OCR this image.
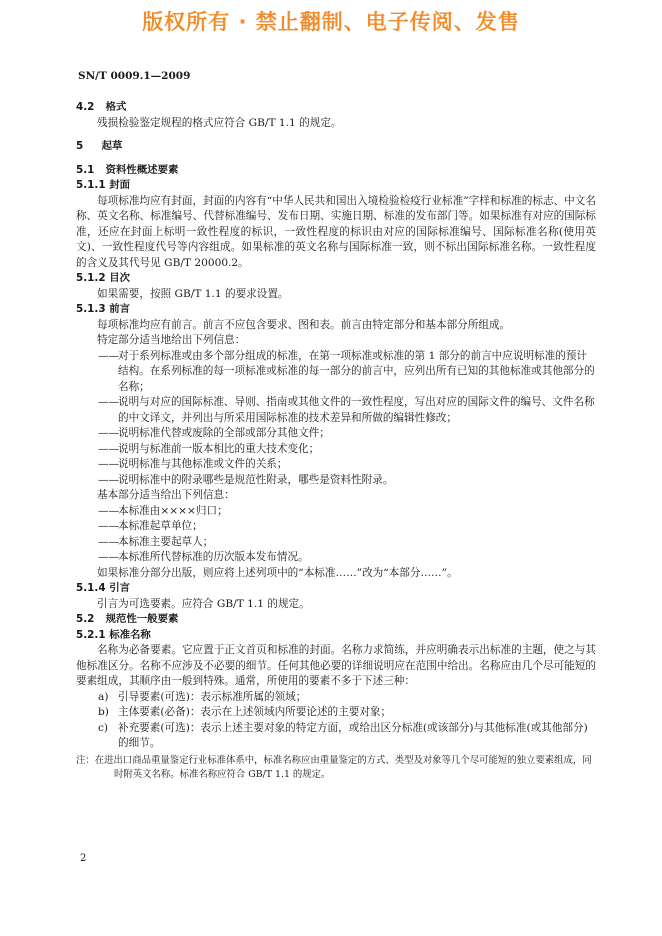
版权所有 · 禁止翻制、电子传阅、发售
SN/T 0009.1—2009
4.2 格式
残损检验鉴定规程的格式应符合 GB/T 1.1 的规定。
5 起草
5.1 资料性概述要素
5.1.1 封面
每项标准均应有封面，封面的内容有“中华人民共和国出入境检验检疫行业标准”字样和标准的标志、中文名称、英文名称、标准编号、代替标准编号、发布日期、实施日期、标准的发布部门等。如果标准有对应的国际标准，还应在封面上标明一致性程度的标识，一致性程度的标识由对应的国际标准编号、国际标准名称(使用英文)、一致性程度代号等内容组成。如果标准的英文名称与国际标准一致，则不标出国际标准名称。一致性程度的含义及其代号见 GB/T 20000.2。
5.1.2 目次
如果需要，按照 GB/T 1.1 的要求设置。
5.1.3 前言
每项标准均应有前言。前言不应包含要求、图和表。前言由特定部分和基本部分所组成。
特定部分适当地给出下列信息：
——对于系列标准或由多个部分组成的标准，在第一项标准或标准的第 1 部分的前言中应说明标准的预计结构。在系列标准的每一项标准或标准的每一部分的前言中，应列出所有已知的其他标准或其他部分的名称；
——说明与对应的国际标准、导则、指南或其他文件的一致性程度，写出对应的国际文件的编号、文件名称的中文译文，并列出与所采用国际标准的技术差异和所做的编辑性修改；
——说明标准代替或废除的全部或部分其他文件；
——说明与标准前一版本相比的重大技术变化；
——说明标准与其他标准或文件的关系；
——说明标准中的附录哪些是规范性附录，哪些是资料性附录。
基本部分适当给出下列信息：
——本标准由××××归口；
——本标准起草单位；
——本标准主要起草人；
——本标准所代替标准的历次版本发布情况。
如果标准分部分出版，则应将上述列项中的“本标准……”改为“本部分……”。
5.1.4 引言
引言为可选要素。应符合 GB/T 1.1 的规定。
5.2 规范性一般要素
5.2.1 标准名称
名称为必备要素。它应置于正文首页和标准的封面。名称力求简练，并应明确表示出标准的主题，使之与其他标准区分。名称不应涉及不必要的细节。任何其他必要的详细说明应在范围中给出。名称应由几个尽可能短的要素组成，其顺序由一般到特殊。通常，所使用的要素不多于下述三种：
a) 引导要素(可选)：表示标准所属的领域；
b) 主体要素(必备)：表示在上述领域内所要论述的主要对象；
c) 补充要素(可选)：表示上述主要对象的特定方面，或给出区分标准(或该部分)与其他标准(或其他部分)的细节。
注：在进出口商品重量鉴定行业标准体系中，标准名称应由重量鉴定的方式、类型及对象等几个尽可能短的独立要素组成，同时附英文名称。标准名称应符合 GB/T 1.1 的规定。
2
